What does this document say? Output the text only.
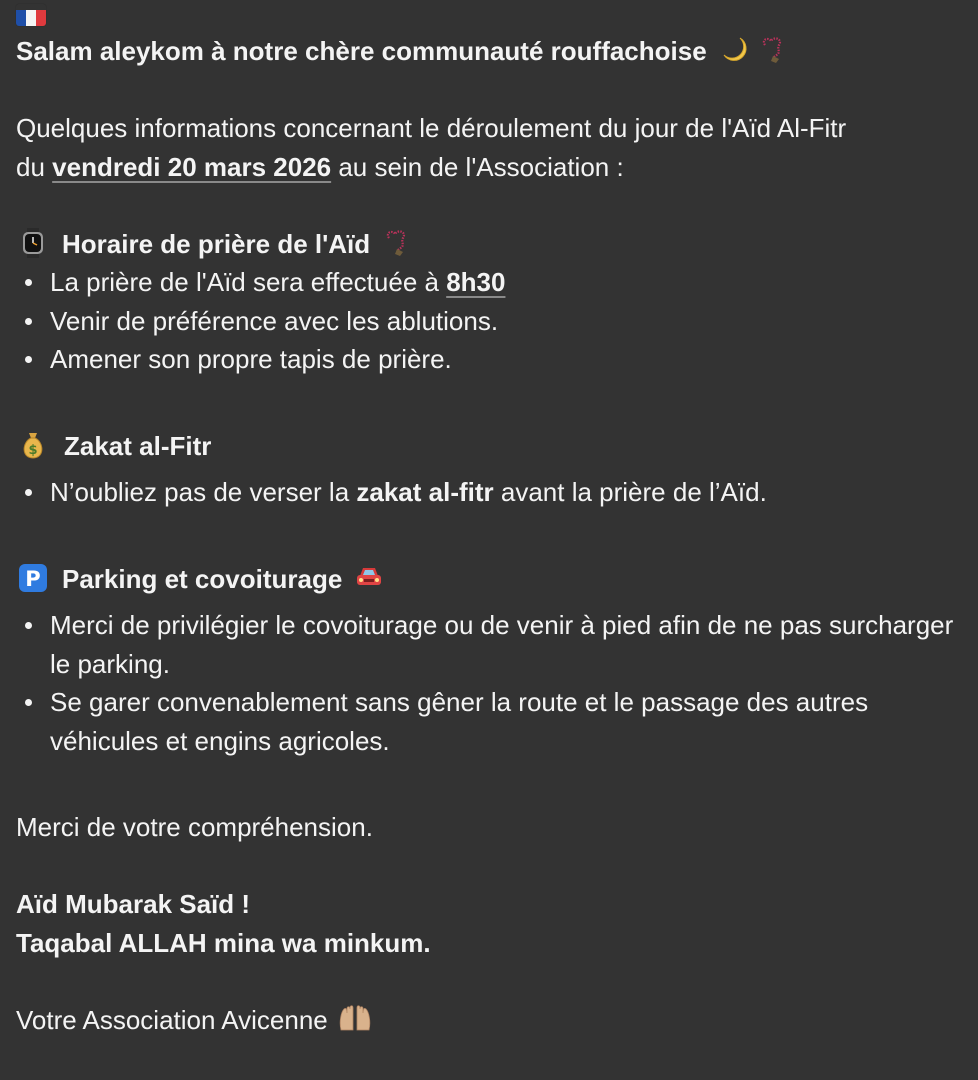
Salam aleykom à notre chère communauté rouffachoise

Quelques informations concernant le déroulement du jour de l'Aïd Al-Fitr
du vendredi 20 mars 2026 au sein de l'Association :
Horaire de prière de l'Aïd
La prière de l'Aïd sera effectuée à 8h30
Venir de préférence avec les ablutions.
Amener son propre tapis de prière.
$ Zakat al-Fitr
N’oubliez pas de verser la zakat al-fitr avant la prière de l’Aïd.
P Parking et covoiturage
Merci de privilégier le covoiturage ou de venir à pied afin de ne pas surcharger le parking.
Se garer convenablement sans gêner la route et le passage des autres véhicules et engins agricoles.
Merci de votre compréhension.
Aïd Mubarak Saïd !
Taqabal ALLAH mina wa minkum.
Votre Association Avicenne
